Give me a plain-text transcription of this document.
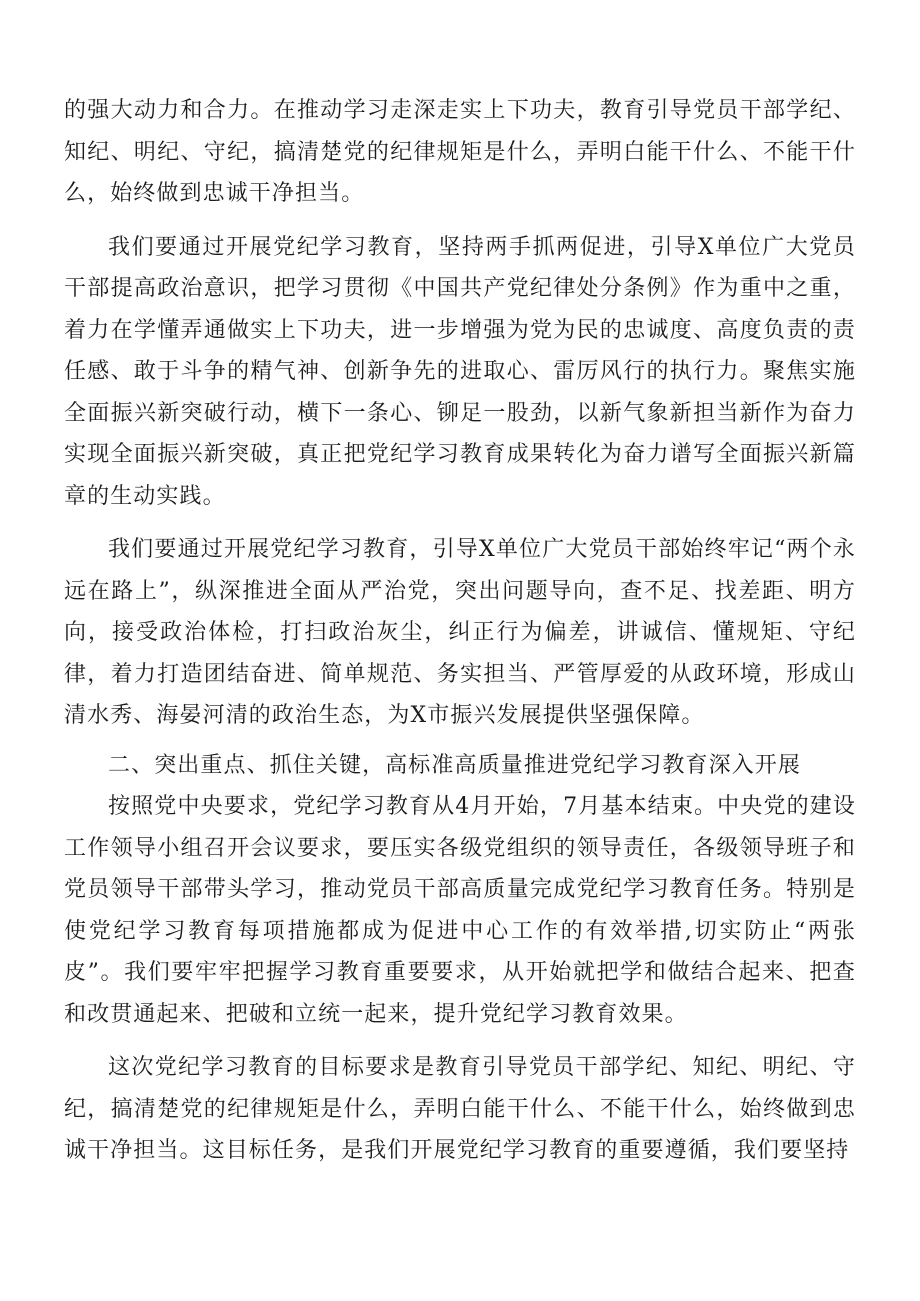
的强大动力和合力。在推动学习走深走实上下功夫，教育引导党员干部学纪、知纪、明纪、守纪，搞清楚党的纪律规矩是什么，弄明白能干什么、不能干什么，始终做到忠诚干净担当。

我们要通过开展党纪学习教育，坚持两手抓两促进，引导X单位广大党员干部提高政治意识，把学习贯彻《中国共产党纪律处分条例》作为重中之重，着力在学懂弄通做实上下功夫，进一步增强为党为民的忠诚度、高度负责的责任感、敢于斗争的精气神、创新争先的进取心、雷厉风行的执行力。聚焦实施全面振兴新突破行动，横下一条心、铆足一股劲，以新气象新担当新作为奋力实现全面振兴新突破，真正把党纪学习教育成果转化为奋力谱写全面振兴新篇章的生动实践。

我们要通过开展党纪学习教育，引导X单位广大党员干部始终牢记“两个永远在路上”，纵深推进全面从严治党，突出问题导向，查不足、找差距、明方向，接受政治体检，打扫政治灰尘，纠正行为偏差，讲诚信、懂规矩、守纪律，着力打造团结奋进、简单规范、务实担当、严管厚爱的从政环境，形成山清水秀、海晏河清的政治生态，为X市振兴发展提供坚强保障。

二、突出重点、抓住关键，高标准高质量推进党纪学习教育深入开展

按照党中央要求，党纪学习教育从4月开始，7月基本结束。中央党的建设工作领导小组召开会议要求，要压实各级党组织的领导责任，各级领导班子和党员领导干部带头学习，推动党员干部高质量完成党纪学习教育任务。特别是使党纪学习教育每项措施都成为促进中心工作的有效举措,切实防止“两张皮”。我们要牢牢把握学习教育重要要求，从开始就把学和做结合起来、把查和改贯通起来、把破和立统一起来，提升党纪学习教育效果。

这次党纪学习教育的目标要求是教育引导党员干部学纪、知纪、明纪、守纪，搞清楚党的纪律规矩是什么，弄明白能干什么、不能干什么，始终做到忠诚干净担当。这目标任务，是我们开展党纪学习教育的重要遵循，我们要坚持
